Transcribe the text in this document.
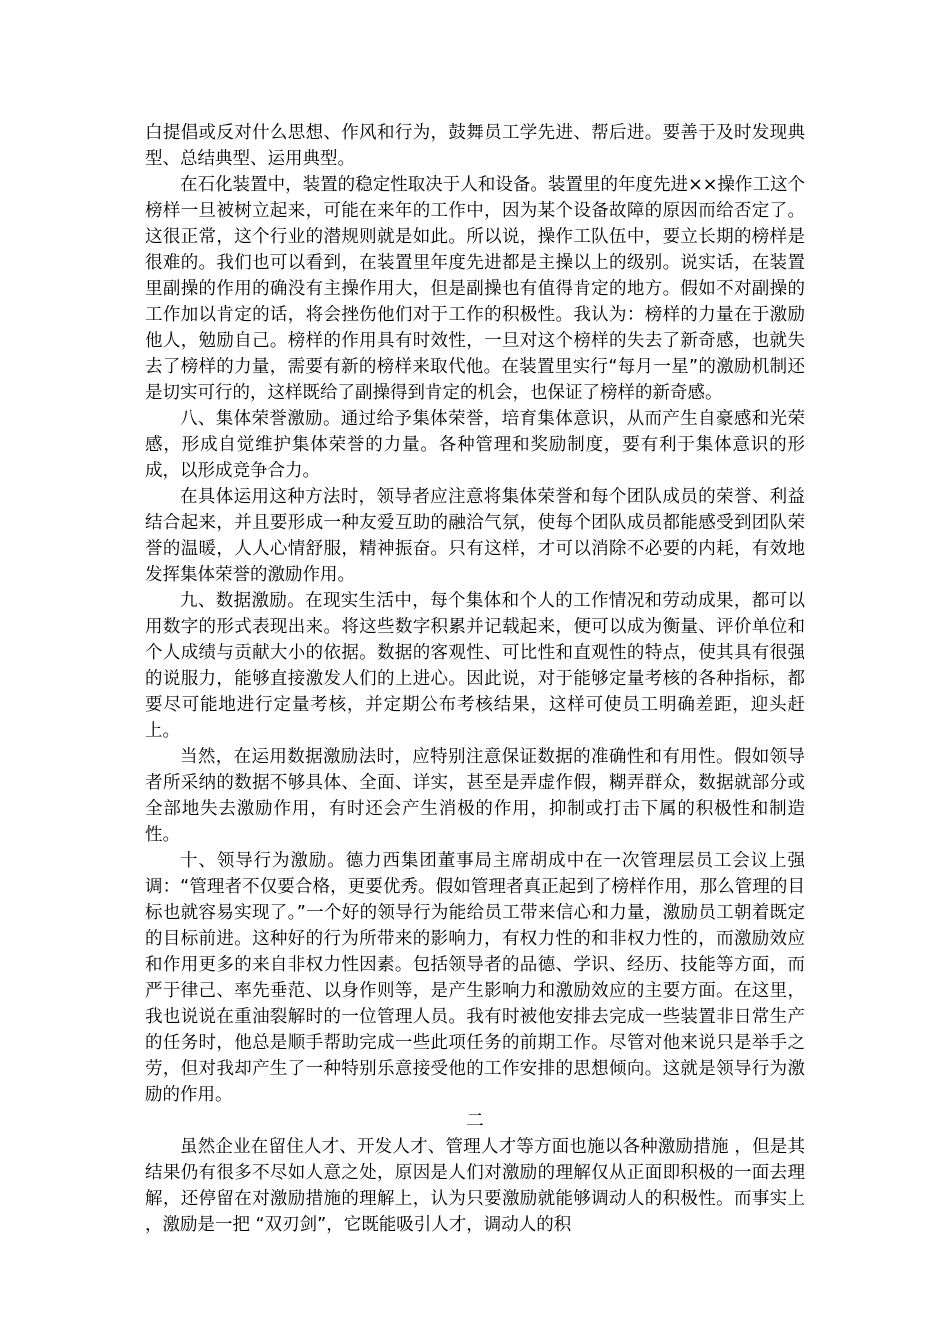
白提倡或反对什么思想、作风和行为，鼓舞员工学先进、帮后进。要善于及时发现典型、总结典型、运用典型。

在石化装置中，装置的稳定性取决于人和设备。装置里的年度先进××操作工这个榜样一旦被树立起来，可能在来年的工作中，因为某个设备故障的原因而给否定了。这很正常，这个行业的潜规则就是如此。所以说，操作工队伍中，要立长期的榜样是很难的。我们也可以看到，在装置里年度先进都是主操以上的级别。说实话，在装置里副操的作用的确没有主操作用大，但是副操也有值得肯定的地方。假如不对副操的工作加以肯定的话，将会挫伤他们对于工作的积极性。我认为：榜样的力量在于激励他人，勉励自己。榜样的作用具有时效性，一旦对这个榜样的失去了新奇感，也就失去了榜样的力量，需要有新的榜样来取代他。在装置里实行“每月一星”的激励机制还是切实可行的，这样既给了副操得到肯定的机会，也保证了榜样的新奇感。

八、集体荣誉激励。通过给予集体荣誉，培育集体意识，从而产生自豪感和光荣感，形成自觉维护集体荣誉的力量。各种管理和奖励制度，要有利于集体意识的形成，以形成竞争合力。

在具体运用这种方法时，领导者应注意将集体荣誉和每个团队成员的荣誉、利益结合起来，并且要形成一种友爱互助的融洽气氛，使每个团队成员都能感受到团队荣誉的温暖，人人心情舒服，精神振奋。只有这样，才可以消除不必要的内耗，有效地发挥集体荣誉的激励作用。

九、数据激励。在现实生活中，每个集体和个人的工作情况和劳动成果，都可以用数字的形式表现出来。将这些数字积累并记载起来，便可以成为衡量、评价单位和个人成绩与贡献大小的依据。数据的客观性、可比性和直观性的特点，使其具有很强的说服力，能够直接激发人们的上进心。因此说，对于能够定量考核的各种指标，都要尽可能地进行定量考核，并定期公布考核结果，这样可使员工明确差距，迎头赶上。

当然，在运用数据激励法时，应特别注意保证数据的准确性和有用性。假如领导者所采纳的数据不够具体、全面、详实，甚至是弄虚作假，糊弄群众，数据就部分或全部地失去激励作用，有时还会产生消极的作用，抑制或打击下属的积极性和制造性。

十、领导行为激励。德力西集团董事局主席胡成中在一次管理层员工会议上强调：“管理者不仅要合格，更要优秀。假如管理者真正起到了榜样作用，那么管理的目标也就容易实现了。”一个好的领导行为能给员工带来信心和力量，激励员工朝着既定的目标前进。这种好的行为所带来的影响力，有权力性的和非权力性的，而激励效应和作用更多的来自非权力性因素。包括领导者的品德、学识、经历、技能等方面，而严于律己、率先垂范、以身作则等，是产生影响力和激励效应的主要方面。在这里，我也说说在重油裂解时的一位管理人员。我有时被他安排去完成一些装置非日常生产的任务时，他总是顺手帮助完成一些此项任务的前期工作。尽管对他来说只是举手之劳，但对我却产生了一种特别乐意接受他的工作安排的思想倾向。这就是领导行为激励的作用。

二

虽然企业在留住人才、开发人才、管理人才等方面也施以各种激励措施 ，但是其结果仍有很多不尽如人意之处，原因是人们对激励的理解仅从正面即积极的一面去理解，还停留在对激励措施的理解上，认为只要激励就能够调动人的积极性。而事实上 ，激励是一把 “双刃剑”，它既能吸引人才，调动人的积
